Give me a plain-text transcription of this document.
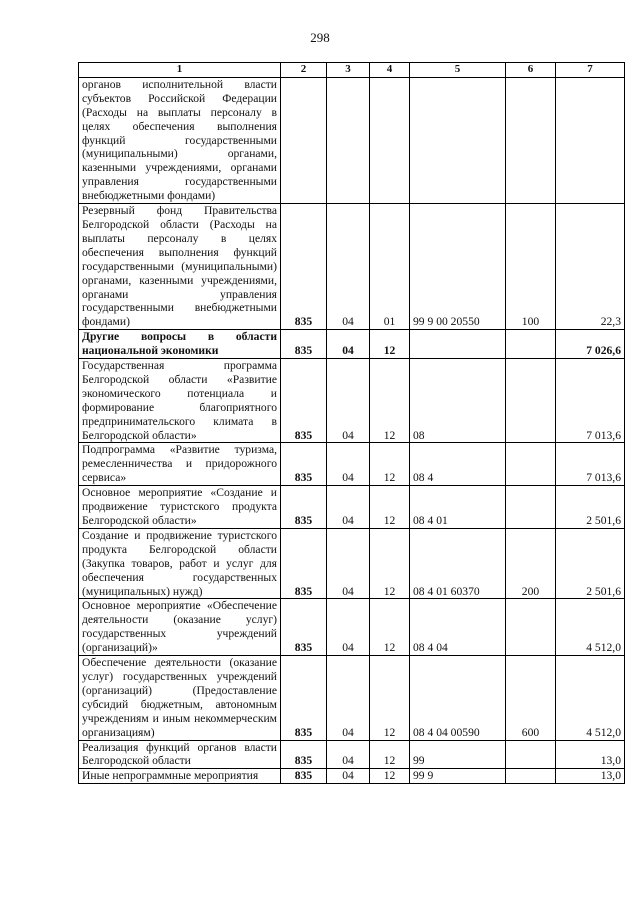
298
1	2	3	4	5	6	7
органов исполнительной власти субъектов Российской Федерации (Расходы на выплаты персоналу в целях обеспечения выполнения функций государственными (муниципальными) органами, казенными учреждениями, органами управления государственными внебюджетными фондами)						
Резервный фонд Правительства Белгородской области (Расходы на выплаты персоналу в целях обеспечения выполнения функций государственными (муниципальными) органами, казенными учреждениями, органами управления государственными внебюджетными фондами)	835	04	01	99 9 00 20550	100	22,3
Другие вопросы в области национальной экономики	835	04	12			7 026,6
Государственная программа Белгородской области «Развитие экономического потенциала и формирование благоприятного предпринимательского климата в Белгородской области»	835	04	12	08		7 013,6
Подпрограмма «Развитие туризма, ремесленничества и придорожного сервиса»	835	04	12	08 4		7 013,6
Основное мероприятие «Создание и продвижение туристского продукта Белгородской области»	835	04	12	08 4 01		2 501,6
Создание и продвижение туристского продукта Белгородской области (Закупка товаров, работ и услуг для обеспечения государственных (муниципальных) нужд)	835	04	12	08 4 01 60370	200	2 501,6
Основное мероприятие «Обеспечение деятельности (оказание услуг) государственных учреждений (организаций)»	835	04	12	08 4 04		4 512,0
Обеспечение деятельности (оказание услуг) государственных учреждений (организаций) (Предоставление субсидий бюджетным, автономным учреждениям и иным некоммерческим организациям)	835	04	12	08 4 04 00590	600	4 512,0
Реализация функций органов власти Белгородской области	835	04	12	99		13,0
Иные непрограммные мероприятия	835	04	12	99 9		13,0
